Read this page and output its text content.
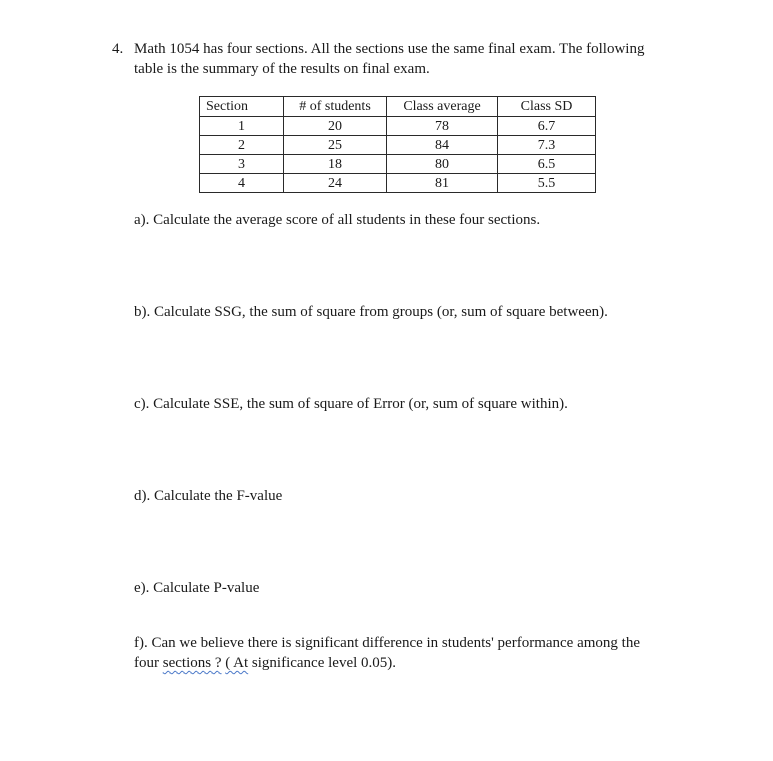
4. Math 1054 has four sections. All the sections use the same final exam. The following
table is the summary of the results on final exam.
Section	# of students	Class average	Class SD
1	20	78	6.7
2	25	84	7.3
3	18	80	6.5
4	24	81	5.5
a). Calculate the average score of all students in these four sections.
b). Calculate SSG, the sum of square from groups (or, sum of square between).
c). Calculate SSE, the sum of square of Error (or, sum of square within).
d). Calculate the F-value
e). Calculate P-value
f). Can we believe there is significant difference in students' performance among the
four sections ? ( At significance level 0.05).
